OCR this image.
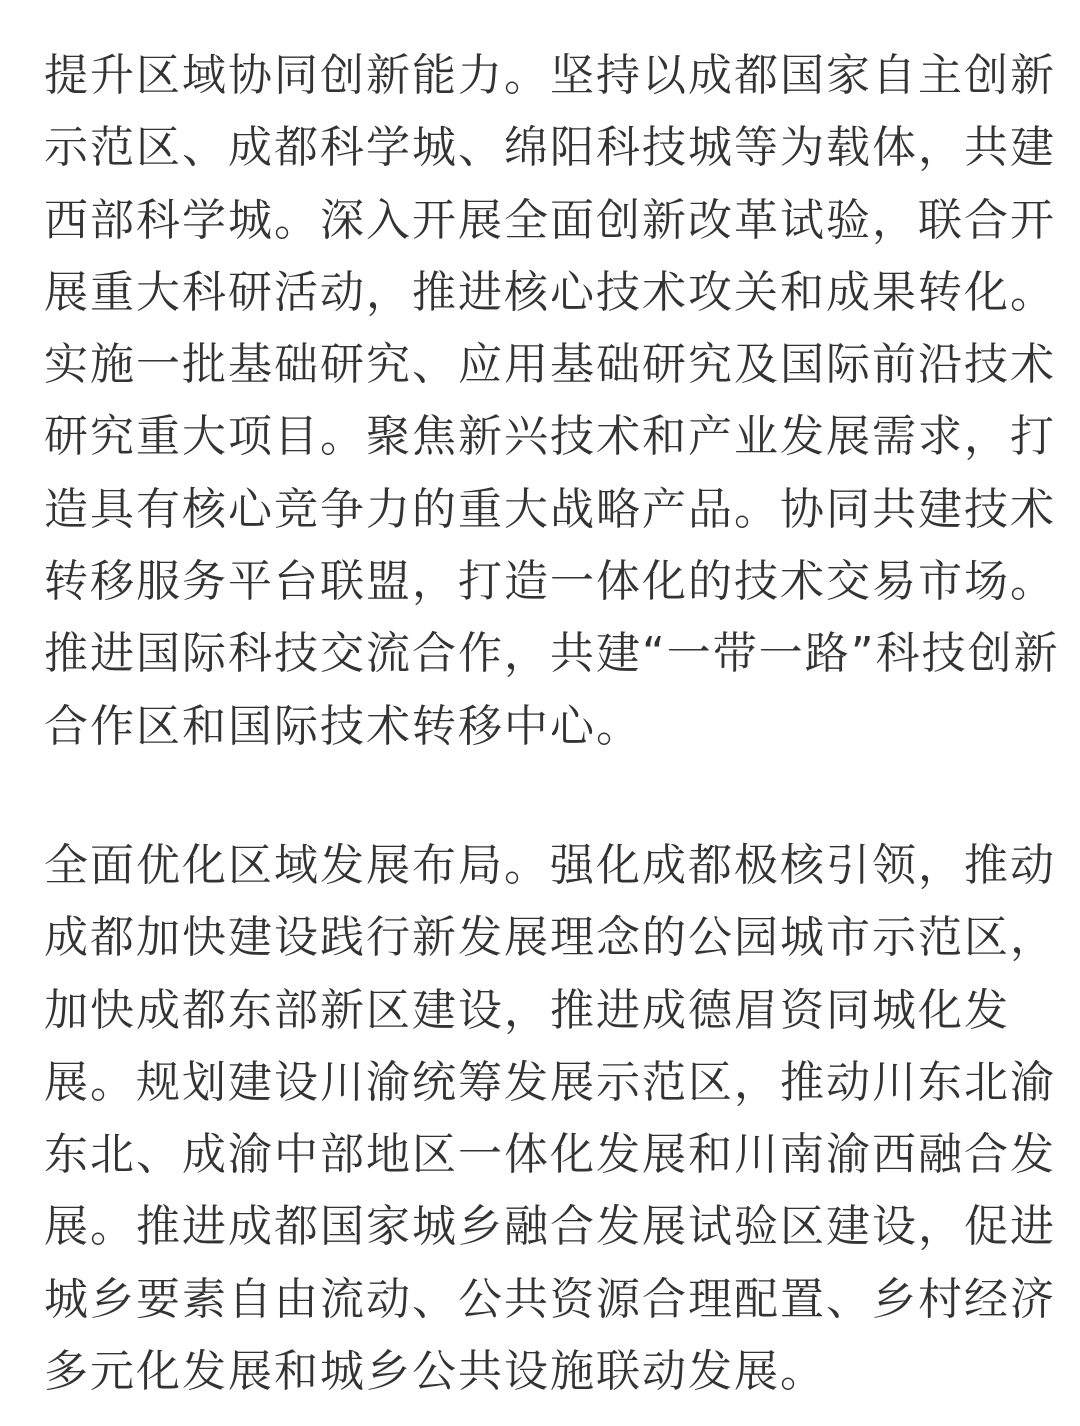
提升区域协同创新能力。坚持以成都国家自主创新
示范区、成都科学城、绵阳科技城等为载体，共建
西部科学城。深入开展全面创新改革试验，联合开
展重大科研活动，推进核心技术攻关和成果转化。
实施一批基础研究、应用基础研究及国际前沿技术
研究重大项目。聚焦新兴技术和产业发展需求，打
造具有核心竞争力的重大战略产品。协同共建技术
转移服务平台联盟，打造一体化的技术交易市场。
推进国际科技交流合作，共建“一带一路”科技创新
合作区和国际技术转移中心。
全面优化区域发展布局。强化成都极核引领，推动
成都加快建设践行新发展理念的公园城市示范区，
加快成都东部新区建设，推进成德眉资同城化发
展。规划建设川渝统筹发展示范区，推动川东北渝
东北、成渝中部地区一体化发展和川南渝西融合发
展。推进成都国家城乡融合发展试验区建设，促进
城乡要素自由流动、公共资源合理配置、乡村经济
多元化发展和城乡公共设施联动发展。
